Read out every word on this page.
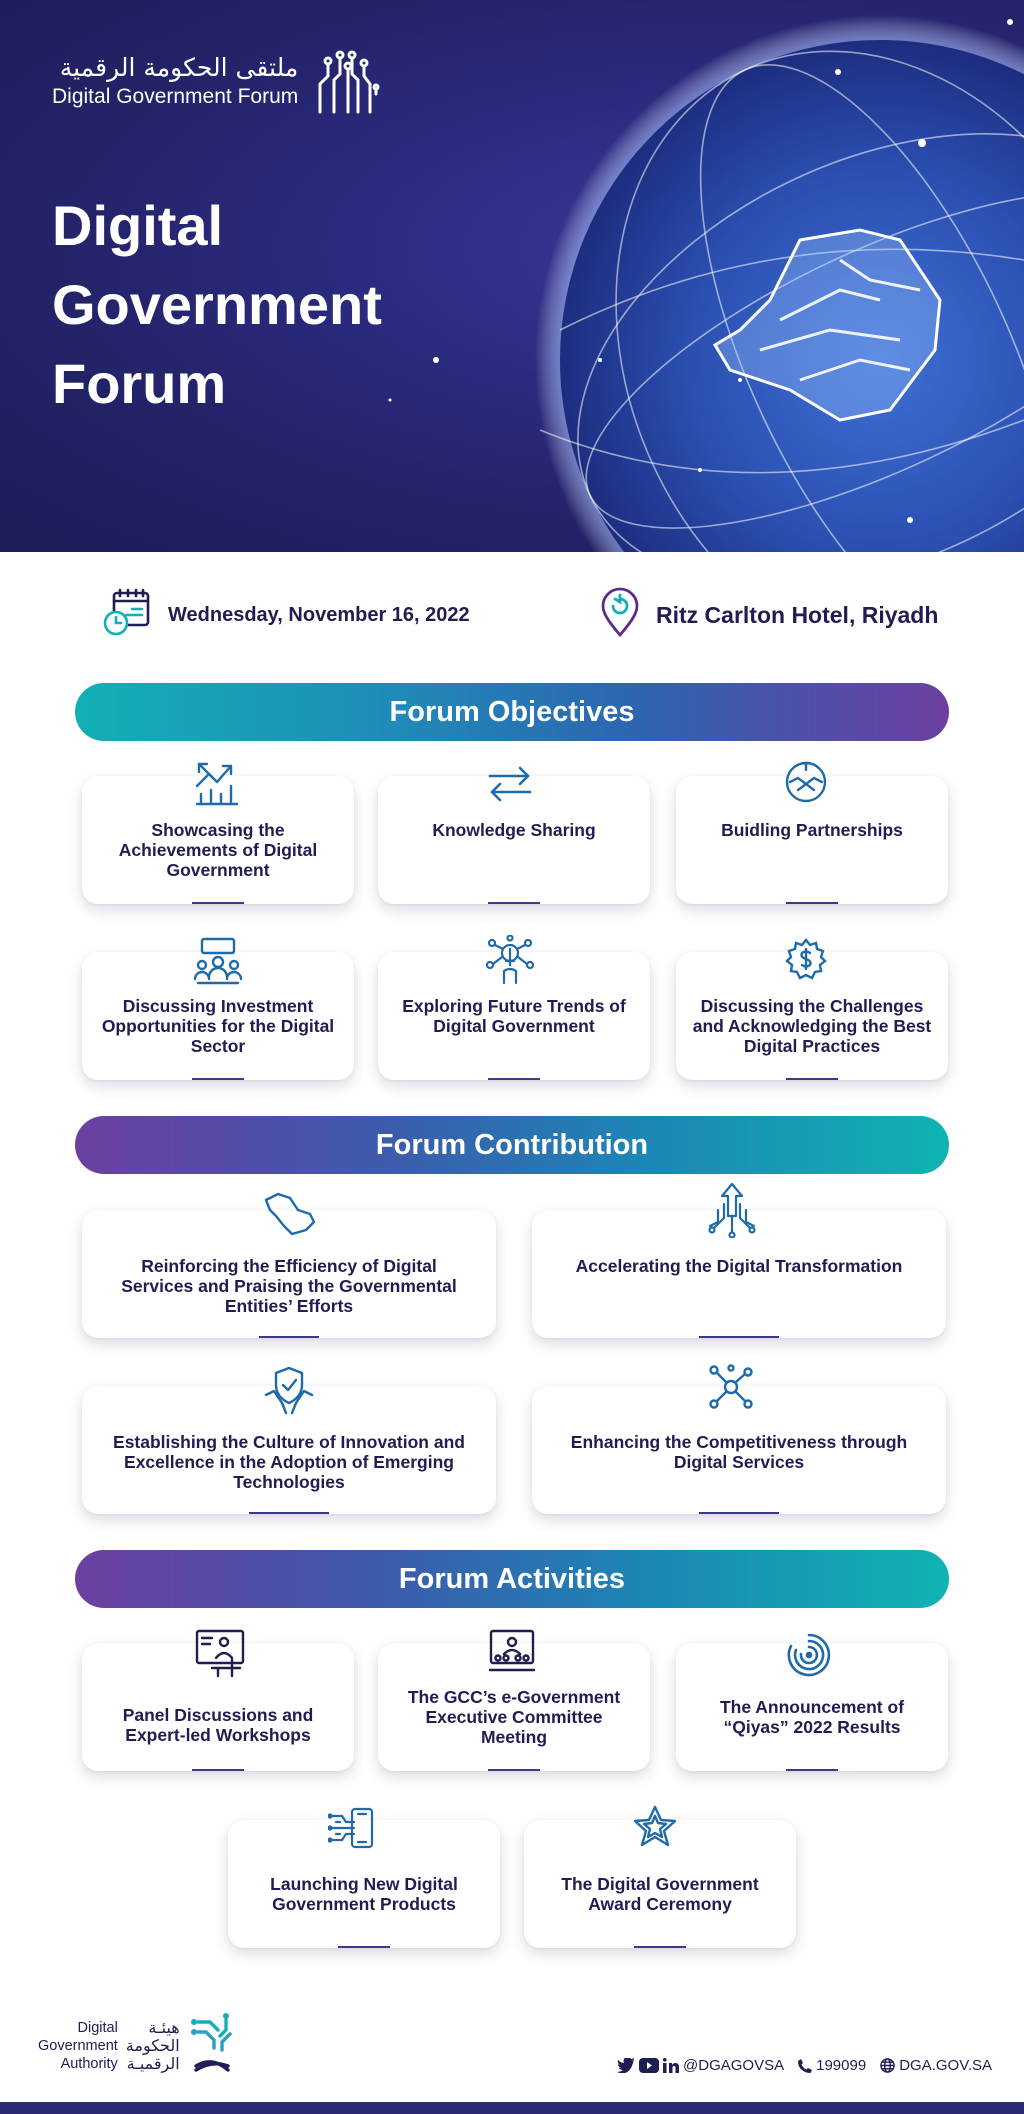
ملتقى الحكومة الرقمية
Digital Government Forum
Digital
Government
Forum
Wednesday, November 16, 2022	Ritz Carlton Hotel, Riyadh
Forum Objectives
Showcasing the Achievements of Digital Government
Knowledge Sharing	Buidling Partnerships
Discussing Investment Opportunities for the Digital Sector
Exploring Future Trends of Digital Government
Discussing the Challenges and Acknowledging the Best Digital Practices
Forum Contribution
Reinforcing the Efficiency of Digital Services and Praising the Governmental Entities’ Efforts
Accelerating the Digital Transformation
Establishing the Culture of Innovation and Excellence in the Adoption of Emerging Technologies
Enhancing the Competitiveness through Digital Services
Forum Activities
Panel Discussions and Expert-led Workshops
The GCC’s e-Government Executive Committee Meeting
The Announcement of “Qiyas” 2022 Results
Launching New Digital Government Products
The Digital Government Award Ceremony
Digital
Government
Authority
هيئـة
الحكومة
الرقميـة	@DGAGOVSA 199099 DGA.GOV.SA
